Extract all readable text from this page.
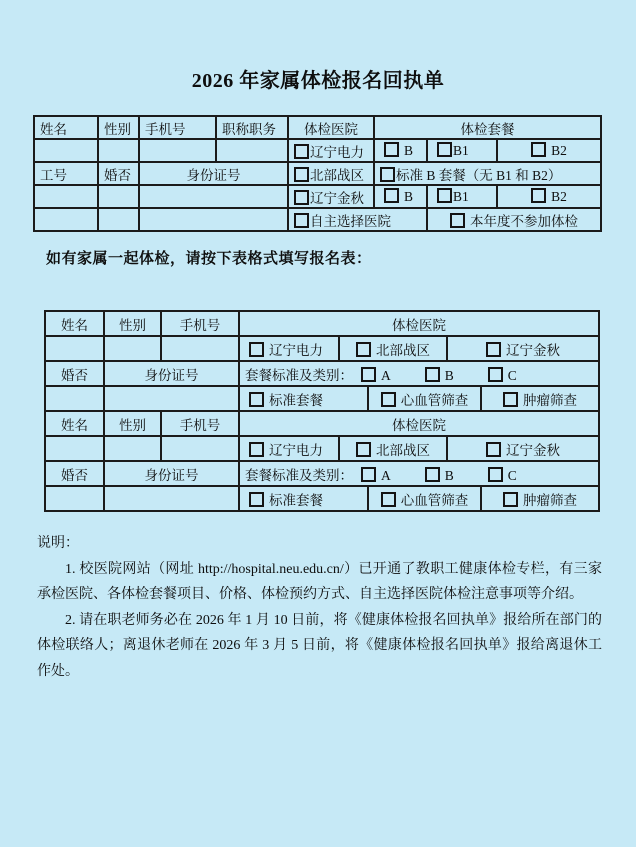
2026 年家属体检报名回执单
姓名	性别	手机号	职称职务	体检医院	体检套餐		
				辽宁电力	B	B1	B2
工号	婚否	身份证号		北部战区	标准 B 套餐（无 B1 和 B2）		
				辽宁金秋	B	B1	B2
				自主选择医院		本年度不参加体检	

如有家属一起体检，请按下表格式填写报名表：

姓名	性别	手机号	体检医院				
			辽宁电力	北部战区		辽宁金秋	
婚否	身份证号		套餐标准及类别： A B C				
			标准套餐		心血管筛查		肿瘤筛查
姓名	性别	手机号	体检医院				
			辽宁电力	北部战区		辽宁金秋	
婚否	身份证号		套餐标准及类别： A B C				
			标准套餐		心血管筛查		肿瘤筛查

说明：

1. 校医院网站（网址 http://hospital.neu.edu.cn/）已开通了教职工健康体检专栏，有三家承检医院、各体检套餐项目、价格、体检预约方式、自主选择医院体检注意事项等介绍。

2. 请在职老师务必在 2026 年 1 月 10 日前，将《健康体检报名回执单》报给所在部门的体检联络人；离退休老师在 2026 年 3 月 5 日前，将《健康体检报名回执单》报给离退休工作处。
